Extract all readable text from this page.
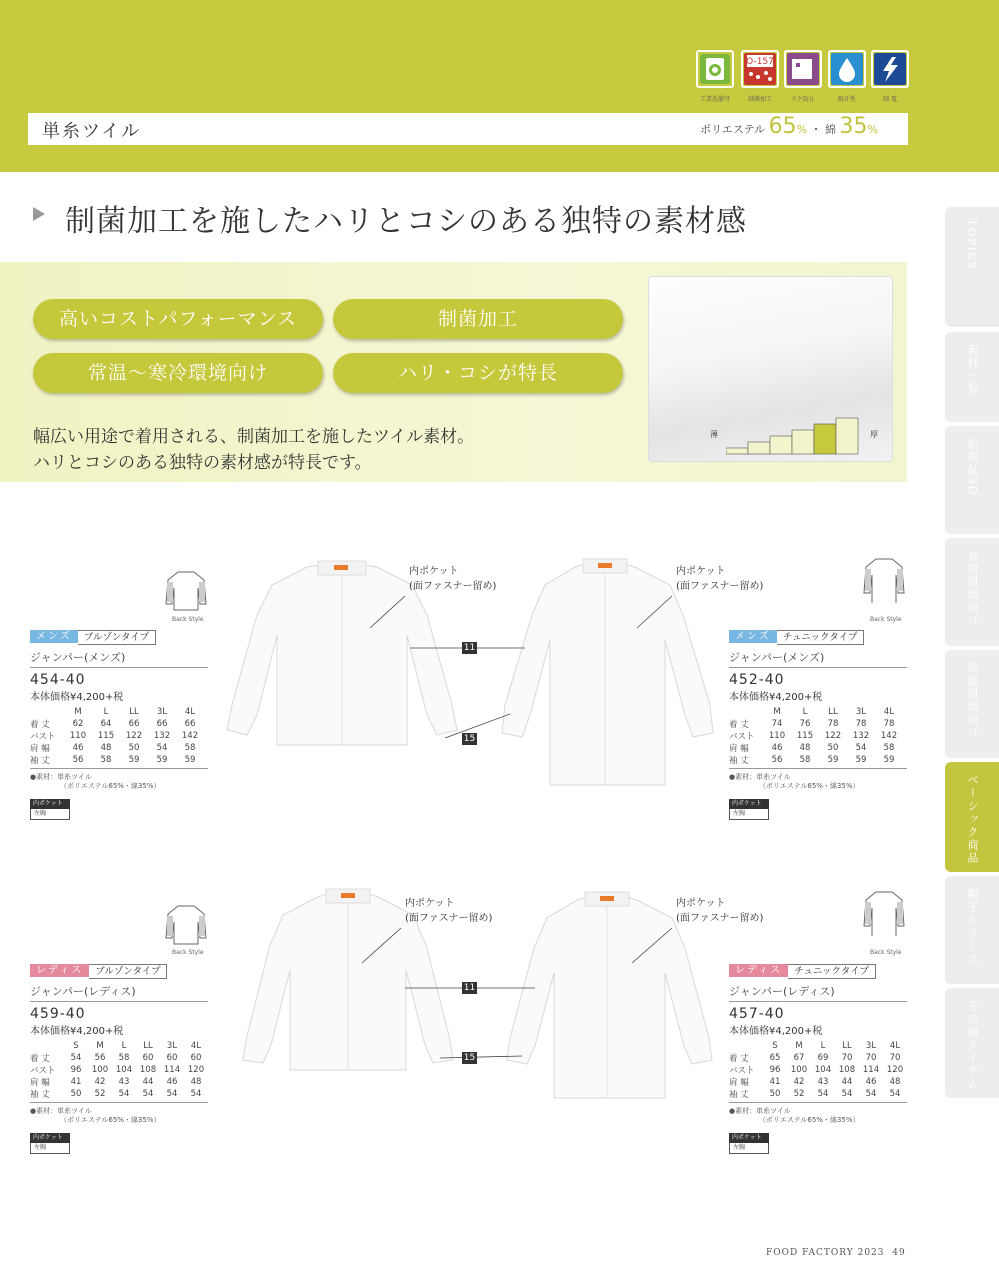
単糸ツイル	ポリエステル 65% ・ 綿 35%
工業洗濯可
O-157
制菌加工	スケ防止	吸汗性	制 電
制菌加工を施したハリとコシのある独特の素材感
高いコストパフォーマンス	制菌加工
常温～寒冷環境向け	ハリ・コシが特長
幅広い用途で着用される、制菌加工を施したツイル素材。
ハリとコシのある独特の素材感が特長です。
薄	厚
TOPICS
素材一覧
新商品3D
着用環境向け
常温環境向け
ベーシック商品
帽子シリーズ
その他アイテム
メンズ	ブルゾンタイプ
ジャンパー(メンズ)
454-40
本体価格¥4,200+税
	M	L	LL	3L	4L
着 丈	62	64	66	66	66
バスト	110	115	122	132	142
肩 幅	46	48	50	54	58
袖 丈	56	58	59	59	59
●素材：単糸ツイル
（ポリエステル65%・綿35%）
内ポケット
左胸
メンズ	チュニックタイプ
ジャンパー(メンズ)
452-40
本体価格¥4,200+税
	M	L	LL	3L	4L
着 丈	74	76	78	78	78
バスト	110	115	122	132	142
肩 幅	46	48	50	54	58
袖 丈	56	58	59	59	59
●素材：単糸ツイル
（ポリエステル65%・綿35%）
内ポケット
左胸
レディス	ブルゾンタイプ
ジャンパー(レディス)
459-40
本体価格¥4,200+税
	S	M	L	LL	3L	4L
着 丈	54	56	58	60	60	60
バスト	96	100	104	108	114	120
肩 幅	41	42	43	44	46	48
袖 丈	50	52	54	54	54	54
●素材：単糸ツイル
（ポリエステル65%・綿35%）
内ポケット
左胸
レディス	チュニックタイプ
ジャンパー(レディス)
457-40
本体価格¥4,200+税
	S	M	L	LL	3L	4L
着 丈	65	67	69	70	70	70
バスト	96	100	104	108	114	120
肩 幅	41	42	43	44	46	48
袖 丈	50	52	54	54	54	54
●素材：単糸ツイル
（ポリエステル65%・綿35%）
内ポケット
左胸
Back Style	Back Style
Back Style	Back Style
内ポケット
(面ファスナー留め)
内ポケット
(面ファスナー留め)
内ポケット
(面ファスナー留め)
内ポケット
(面ファスナー留め)
11
15
11
15
FOOD FACTORY 2023 49
